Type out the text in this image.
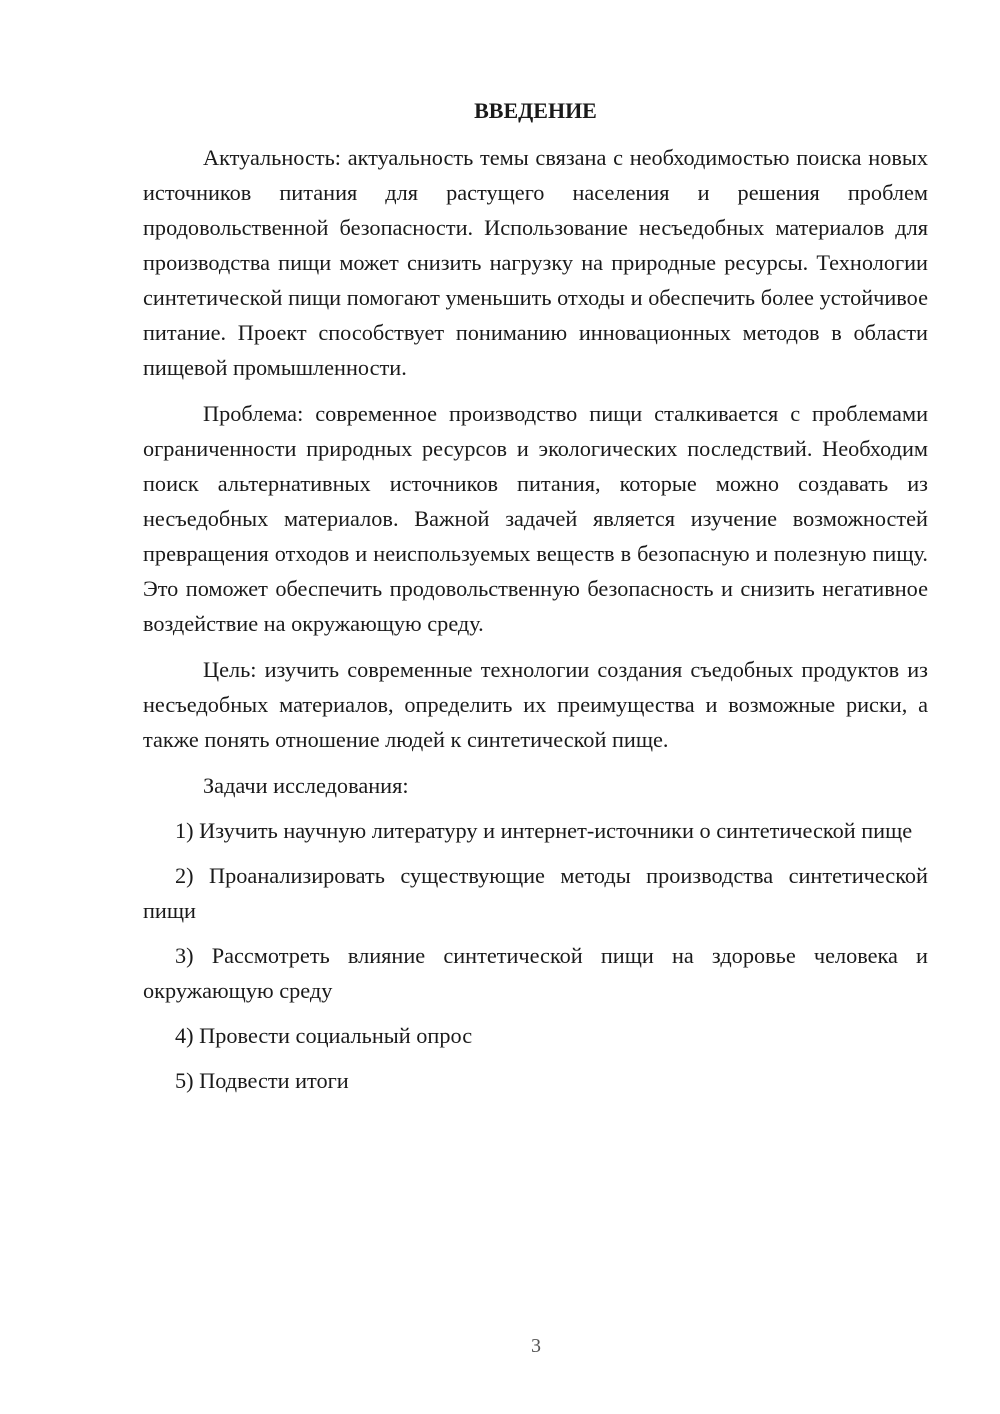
ВВЕДЕНИЕ

Актуальность: актуальность темы связана с необходимостью поиска новых источников питания для растущего населения и решения проблем продовольственной безопасности. Использование несъедобных материалов для производства пищи может снизить нагрузку на природные ресурсы. Технологии синтетической пищи помогают уменьшить отходы и обеспечить более устойчивое питание. Проект способствует пониманию инновационных методов в области пищевой промышленности.

Проблема: современное производство пищи сталкивается с проблемами ограниченности природных ресурсов и экологических последствий. Необходим поиск альтернативных источников питания, которые можно создавать из несъедобных материалов. Важной задачей является изучение возможностей превращения отходов и неиспользуемых веществ в безопасную и полезную пищу. Это поможет обеспечить продовольственную безопасность и снизить негативное воздействие на окружающую среду.

Цель: изучить современные технологии создания съедобных продуктов из несъедобных материалов, определить их преимущества и возможные риски, а также понять отношение людей к синтетической пище.

Задачи исследования:

1) Изучить научную литературу и интернет-источники о синтетической пище

2) Проанализировать существующие методы производства синтетической пищи

3) Рассмотреть влияние синтетической пищи на здоровье человека и окружающую среду

4) Провести социальный опрос

5) Подвести итоги

3
